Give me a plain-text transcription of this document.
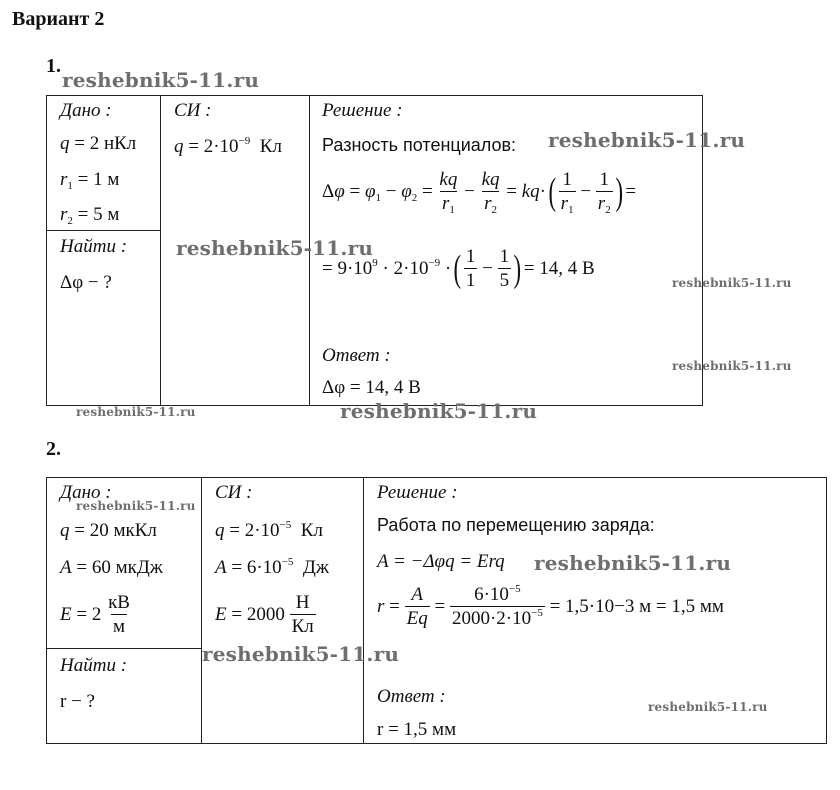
Вариант 2
1.
Дано :
q = 2 нКл
$r_1 = 1$ м
$r_2 = 5$ м
СИ :
$q = 2\cdot 10^{-9}$  Кл
Найти :
Δφ − ?
Решение :
Разность потенциалов:
$\Delta\varphi = \varphi_1 - \varphi_2 = \frac{kq}{r_1} - \frac{kq}{r_2} = kq\cdot$ ( $\frac{1}{r_1} - \frac{1}{r_2}$ ) =
= $9\cdot 10^9 \cdot 2\cdot 10^{-9}$ · ( $\frac{1}{1} - \frac{1}{5}$ ) = 14, 4 В
Ответ :
Δφ = 14, 4 В
2.
Дано :
q = 20 мкКл
A = 60 мкДж
$E = 2 \frac{кВ}{м}$
СИ :
$q = 2\cdot 10^{-5}$  Кл
$A = 6\cdot 10^{-5}$  Дж
$E = 2000 \frac{Н}{Кл}$
Найти :
r − ?
Решение :
Работа по перемещению заряда:
A = −Δφq = Erq
$r = \frac{A}{Eq} = \frac{6\cdot 10^{-5}}{2000\cdot 2\cdot 10^{-5}}$
= 1,5·10−3 м = 1,5 мм
Ответ :
r = 1,5 мм
reshebnik5-11.ru
reshebnik5-11.ru
reshebnik5-11.ru
reshebnik5-11.ru
reshebnik5-11.ru
reshebnik5-11.ru	reshebnik5-11.ru
reshebnik5-11.ru
reshebnik5-11.ru
reshebnik5-11.ru
reshebnik5-11.ru
